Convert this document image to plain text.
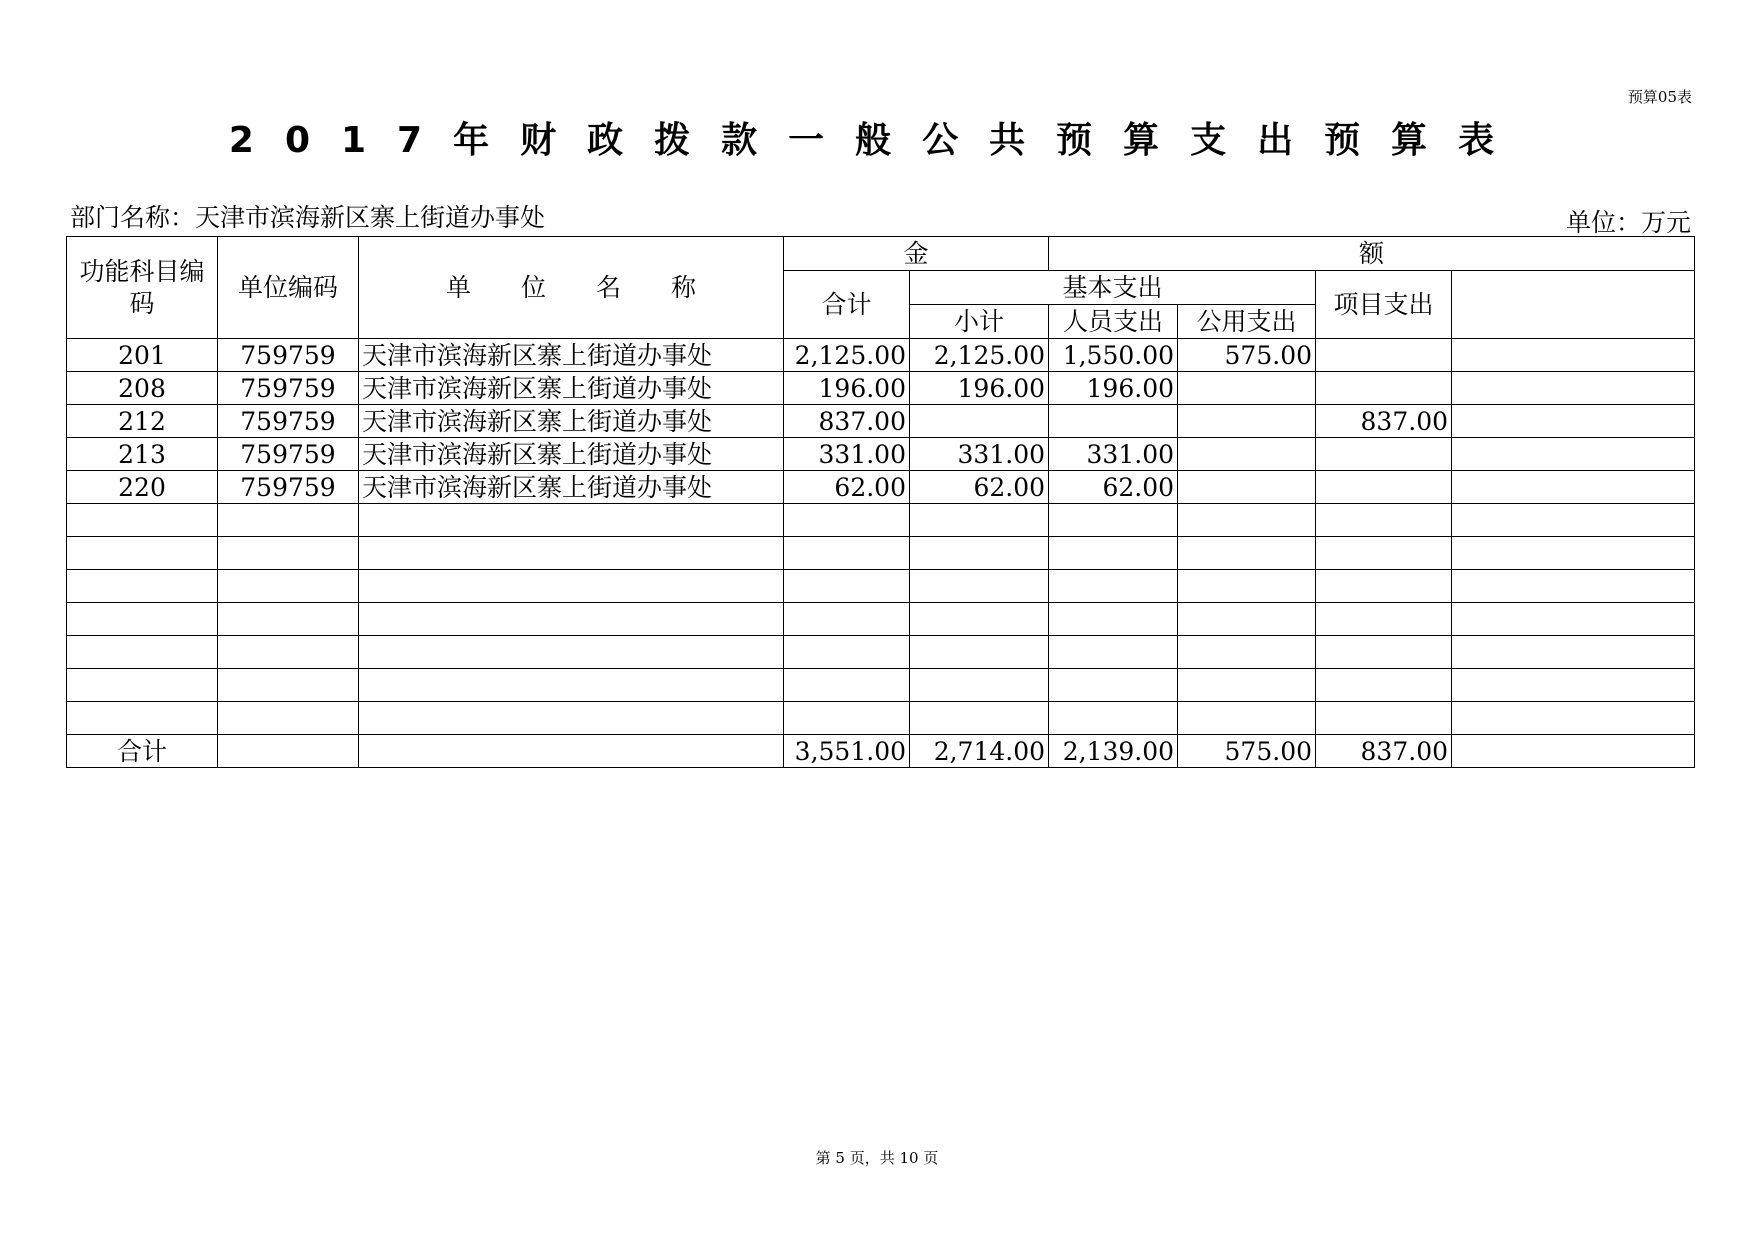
预算05表
2017年财政拨款一般公共预算支出预算表
部门名称：天津市滨海新区寨上街道办事处	单位：万元
功能科目编码	单位编码	单　　位　　名　　称	金		额	
			合计	基本支出			项目支出		
				小计	人员支出	公用支出			
201	759759	天津市滨海新区寨上街道办事处	2,125.00	2,125.00	1,550.00	575.00			
208	759759	天津市滨海新区寨上街道办事处	196.00	196.00	196.00				
212	759759	天津市滨海新区寨上街道办事处	837.00				837.00		
213	759759	天津市滨海新区寨上街道办事处	331.00	331.00	331.00				
220	759759	天津市滨海新区寨上街道办事处	62.00	62.00	62.00				

合计			3,551.00	2,714.00	2,139.00	575.00	837.00		
第 5 页，共 10 页
